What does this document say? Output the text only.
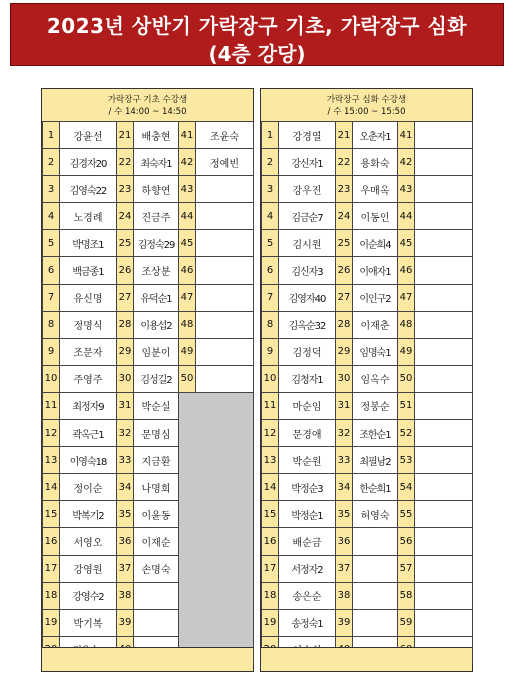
2023년 상반기 가락장구 기초, 가락장구 심화
(4층 강당)
가락장구 기초 수강생
/ 수 14:00 ~ 14:50
1	강윤선	21	배충현	41	조윤숙
2	김경자20	22	최숙자1	42	정예빈
3	김영숙22	23	하향연	43	
4	노경례	24	진금주	44	
5	박명조1	25	김정숙29	45	
6	백금종1	26	조상분	46	
7	유신명	27	유덕순1	47	
8	정명식	28	이용섭2	48	
9	조문자	29	임분이	49	
10	주영주	30	김성길2	50	
11	최정자9	31	박순실		
12	곽옥근1	32	문명심		
13	이영숙18	33	지금환		
14	정이순	34	나명희		
15	박복기2	35	이윤동		
16	서영오	36	이재순		
17	강영원	37	손명숙		
18	강영수2	38			
19	박기복	39			

가락장구 심화 수강생
/ 수 15:00 ~ 15:50
1	강경열	21	오춘자1	41	
2	강신자1	22	용화숙	42	
3	강우진	23	우매옥	43	
4	김금순7	24	이동인	44	
5	김시원	25	이순희4	45	
6	김신자3	26	이애자1	46	
7	김영자40	27	이인구2	47	
8	김옥순32	28	이재춘	48	
9	김정덕	29	임명숙1	49	
10	김청자1	30	임옥수	50	
11	마순임	31	정봉순	51	
12	문경애	32	조한순1	52	
13	박순원	33	최필남2	53	
14	박정순3	34	한순희1	54	
15	박정순1	35	허영숙	55	
16	배순금	36		56	
17	서정자2	37		57	
18	송은순	38		58	
19	송정숙1	39		59	
